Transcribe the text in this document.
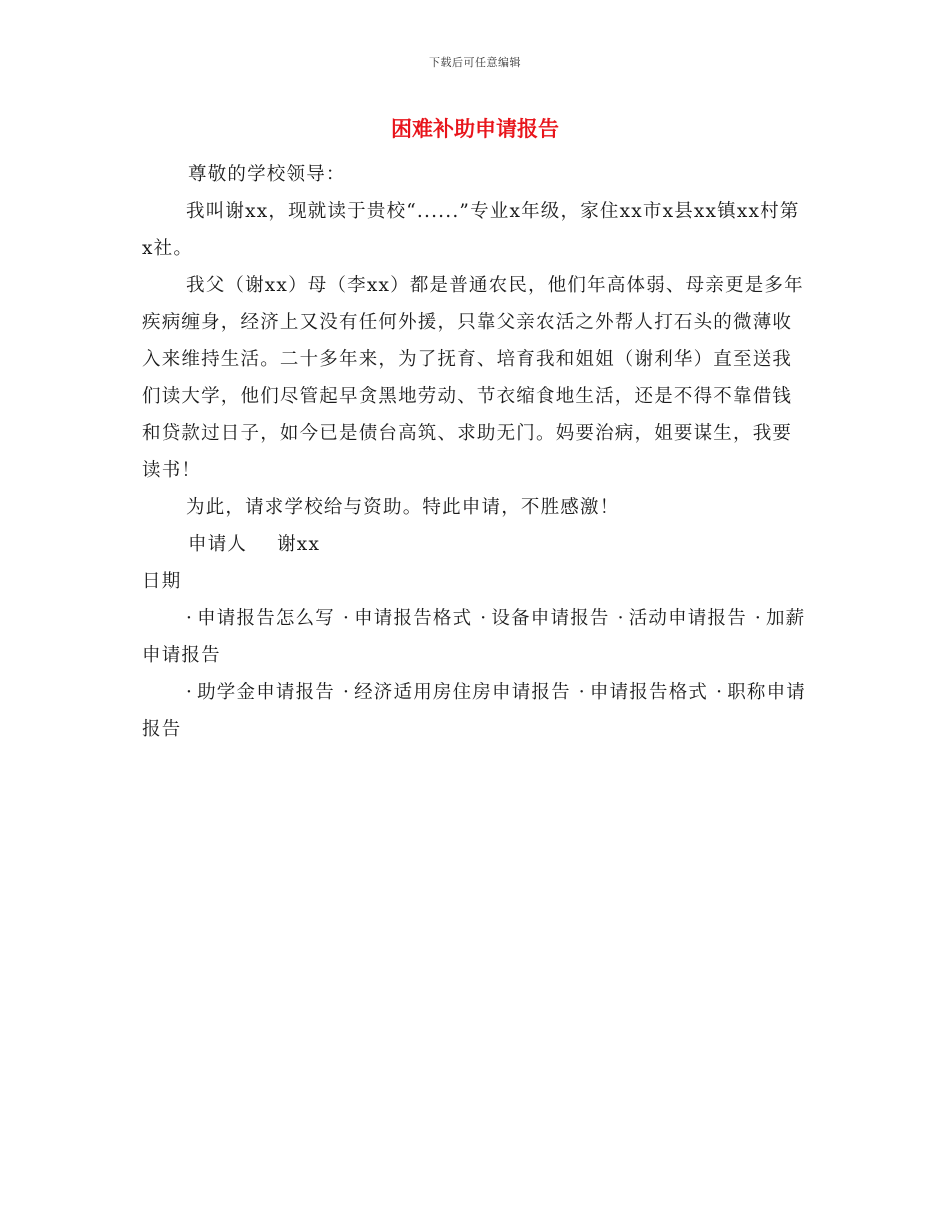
下载后可任意编辑
困难补助申请报告

尊敬的学校领导：

我叫谢xx，现就读于贵校“......”专业x年级，家住xx市x县xx镇xx村第x社。

我父（谢xx）母（李xx）都是普通农民，他们年高体弱、母亲更是多年疾病缠身，经济上又没有任何外援，只靠父亲农活之外帮人打石头的微薄收入来维持生活。二十多年来，为了抚育、培育我和姐姐（谢利华）直至送我们读大学，他们尽管起早贪黑地劳动、节衣缩食地生活，还是不得不靠借钱和贷款过日子，如今已是债台高筑、求助无门。妈要治病，姐要谋生，我要读书！

为此，请求学校给与资助。特此申请，不胜感激！

申请人 谢xx

日期

· 申请报告怎么写 · 申请报告格式 · 设备申请报告 · 活动申请报告 · 加薪申请报告

· 助学金申请报告 · 经济适用房住房申请报告 · 申请报告格式 · 职称申请报告
